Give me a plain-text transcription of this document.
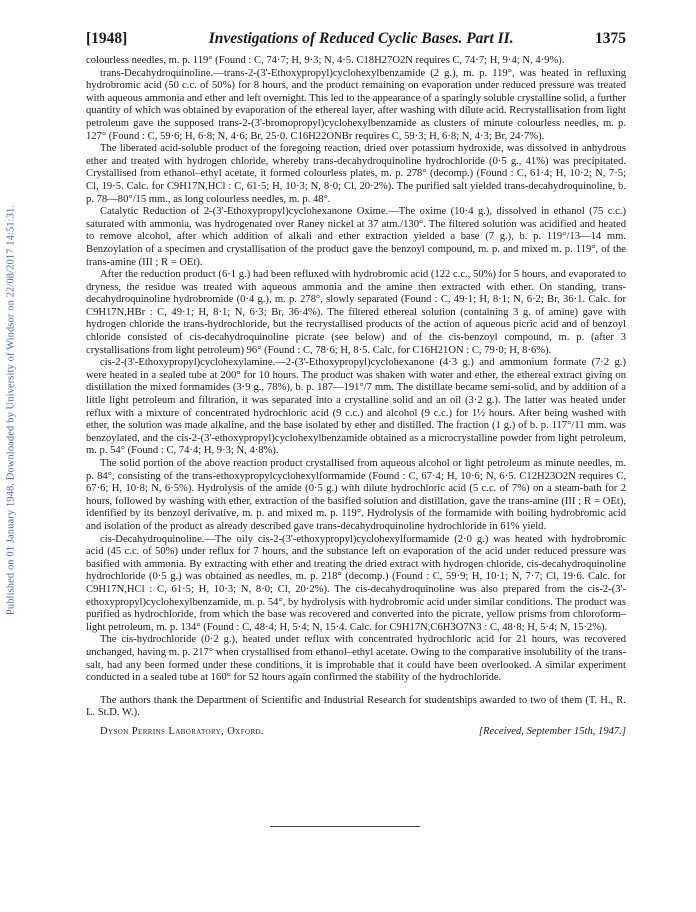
Published on 01 January 1948. Downloaded by University of Windsor on 22/08/2017 14:51:31.
[1948]	Investigations of Reduced Cyclic Bases. Part II.	1375

colourless needles, m. p. 119° (Found : C, 74·7; H, 9·3; N, 4·5. C18H27O2N requires C, 74·7; H, 9·4; N, 4·9%).

trans-Decahydroquinoline.—trans-2-(3'-Ethoxypropyl)cyclohexylbenzamide (2 g.), m. p. 119°, was heated in refluxing hydrobromic acid (50 c.c. of 50%) for 8 hours, and the product remaining on evaporation under reduced pressure was treated with aqueous ammonia and ether and left overnight. This led to the appearance of a sparingly soluble crystalline solid, a further quantity of which was obtained by evaporation of the ethereal layer, after washing with dilute acid. Recrystallisation from light petroleum gave the supposed trans-2-(3'-bromopropyl)cyclohexylbenzamide as clusters of minute colourless needles, m. p. 127° (Found : C, 59·6; H, 6·8; N, 4·6; Br, 25·0. C16H22ONBr requires C, 59·3; H, 6·8; N, 4·3; Br, 24·7%).

The liberated acid-soluble product of the foregoing reaction, dried over potassium hydroxide, was dissolved in anhydrous ether and treated with hydrogen chloride, whereby trans-decahydroquinoline hydrochloride (0·5 g., 41%) was precipitated. Crystallised from ethanol–ethyl acetate, it formed colourless plates, m. p. 278° (decomp.) (Found : C, 61·4; H, 10·2; N, 7·5; Cl, 19·5. Calc. for C9H17N,HCl : C, 61·5; H, 10·3; N, 8·0; Cl, 20·2%). The purified salt yielded trans-decahydroquinoline, b. p. 78—80°/15 mm., as long colourless needles, m. p. 48°.

Catalytic Reduction of 2-(3'-Ethoxypropyl)cyclohexanone Oxime.—The oxime (10·4 g.), dissolved in ethanol (75 c.c.) saturated with ammonia, was hydrogenated over Raney nickel at 37 atm./130°. The filtered solution was acidified and heated to remove alcohol, after which addition of alkali and ether extraction yielded a base (7 g.), b. p. 119°/13—14 mm. Benzoylation of a specimen and crystallisation of the product gave the benzoyl compound, m. p. and mixed m. p. 119°, of the trans-amine (III ; R = OEt).

After the reduction product (6·1 g.) had been refluxed with hydrobromic acid (122 c.c., 50%) for 5 hours, and evaporated to dryness, the residue was treated with aqueous ammonia and the amine then extracted with ether. On standing, trans-decahydroquinoline hydrobromide (0·4 g.), m. p. 278°, slowly separated (Found : C, 49·1; H, 8·1; N, 6·2; Br, 36·1. Calc. for C9H17N,HBr : C, 49·1; H, 8·1; N, 6·3; Br, 36·4%). The filtered ethereal solution (containing 3 g. of amine) gave with hydrogen chloride the trans-hydrochloride, but the recrystallised products of the action of aqueous picric acid and of benzoyl chloride consisted of cis-decahydroquinoline picrate (see below) and of the cis-benzoyl compound, m. p. (after 3 crystallisations from light petroleum) 96° (Found : C, 78·6; H, 8·5. Calc. for C16H21ON : C, 79·0; H, 8·6%).

cis-2-(3'-Ethoxypropyl)cyclohexylamine.—2-(3'-Ethoxypropyl)cyclohexanone (4·3 g.) and ammonium formate (7·2 g.) were heated in a sealed tube at 200° for 10 hours. The product was shaken with water and ether, the ethereal extract giving on distillation the mixed formamides (3·9 g., 78%), b. p. 187—191°/7 mm. The distillate became semi-solid, and by addition of a little light petroleum and filtration, it was separated into a crystalline solid and an oil (3·2 g.). The latter was heated under reflux with a mixture of concentrated hydrochloric acid (9 c.c.) and alcohol (9 c.c.) for 1½ hours. After being washed with ether, the solution was made alkaline, and the base isolated by ether and distilled. The fraction (1 g.) of b. p. 117°/11 mm. was benzoylated, and the cis-2-(3'-ethoxypropyl)cyclohexylbenzamide obtained as a microcrystalline powder from light petroleum, m. p. 54° (Found : C, 74·4; H, 9·3; N, 4·8%).

The solid portion of the above reaction product crystallised from aqueous alcohol or light petroleum as minute needles, m. p. 84°, consisting of the trans-ethoxypropylcyclohexylformamide (Found : C, 67·4; H, 10·6; N, 6·5. C12H23O2N requires C, 67·6; H, 10·8; N, 6·5%). Hydrolysis of the amide (0·5 g.) with dilute hydrochloric acid (5 c.c. of 7%) on a steam-bath for 2 hours, followed by washing with ether, extraction of the basified solution and distillation, gave the trans-amine (III ; R = OEt), identified by its benzoyl derivative, m. p. and mixed m. p. 119°. Hydrolysis of the formamide with boiling hydrobromic acid and isolation of the product as already described gave trans-decahydroquinoline hydrochloride in 61% yield.

cis-Decahydroquinoline.—The oily cis-2-(3'-ethoxypropyl)cyclohexylformamide (2·0 g.) was heated with hydrobromic acid (45 c.c. of 50%) under reflux for 7 hours, and the substance left on evaporation of the acid under reduced pressure was basified with ammonia. By extracting with ether and treating the dried extract with hydrogen chloride, cis-decahydroquinoline hydrochloride (0·5 g.) was obtained as needles, m. p. 218° (decomp.) (Found : C, 59·9; H, 10·1; N, 7·7; Cl, 19·6. Calc. for C9H17N,HCl : C, 61·5; H, 10·3; N, 8·0; Cl, 20·2%). The cis-decahydroquinoline was also prepared from the cis-2-(3'-ethoxypropyl)cyclohexylbenzamide, m. p. 54°, by hydrolysis with hydrobromic acid under similar conditions. The product was purified as hydrochloride, from which the base was recovered and converted into the picrate, yellow prisms from chloroform–light petroleum, m. p. 134° (Found : C, 48·4; H, 5·4; N, 15·4. Calc. for C9H17N,C6H3O7N3 : C, 48·8; H, 5·4; N, 15·2%).

The cis-hydrochloride (0·2 g.), heated under reflux with concentrated hydrochloric acid for 21 hours, was recovered unchanged, having m. p. 217° when crystallised from ethanol–ethyl acetate. Owing to the comparative insolubility of the trans-salt, had any been formed under these conditions, it is improbable that it could have been overlooked. A similar experiment conducted in a sealed tube at 160° for 52 hours again confirmed the stability of the hydrochloride.

The authors thank the Department of Scientific and Industrial Research for studentships awarded to two of them (T. H., R. L. St.D. W.).

Dyson Perrins Laboratory, Oxford.	[Received, September 15th, 1947.]
